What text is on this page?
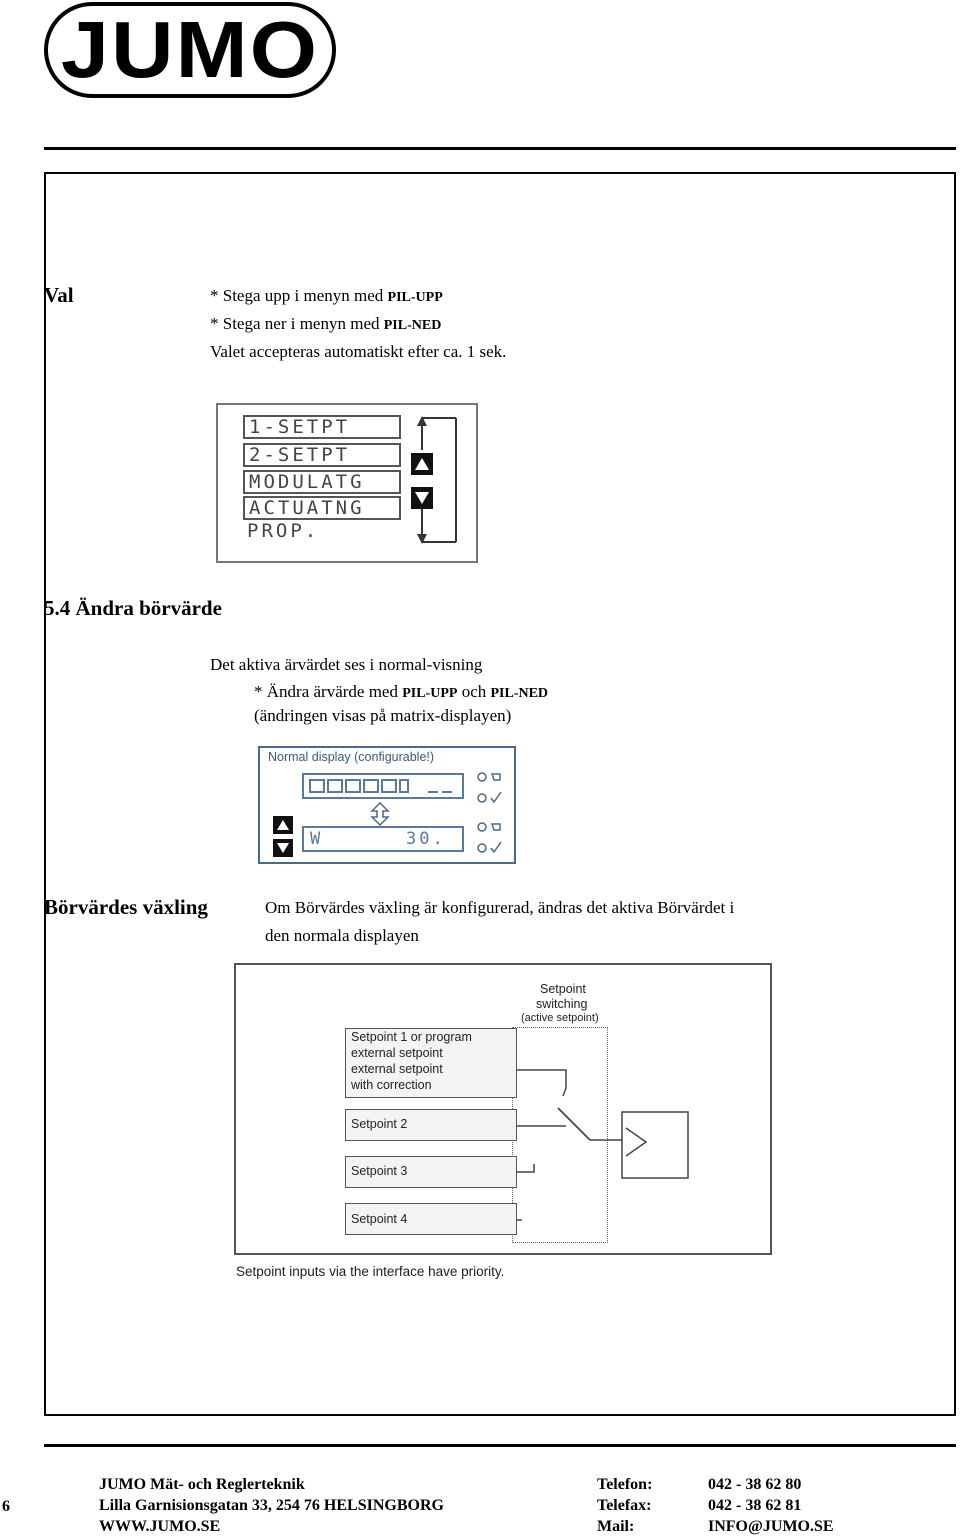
JUMO
Val	* Stega upp i menyn med PIL-UPP
* Stega ner i menyn med PIL-NED
Valet accepteras automatiskt efter ca. 1 sek.
1-SETPT
2-SETPT
MODULATG
ACTUATNG
PROP.
5.4 Ändra börvärde
Det aktiva ärvärdet ses i normal-visning
* Ändra ärvärde med PIL-UPP och PIL-NED
(ändringen visas på matrix-displayen)
Normal display (configurable!)
W	30.
Börvärdes växling	Om Börvärdes växling är konfigurerad, ändras det aktiva Börvärdet i
den normala displayen
Setpoint
switching
(active setpoint)
Setpoint 1 or program
external setpoint
external setpoint
with correction
Setpoint 2
Setpoint 3
Setpoint 4
Setpoint inputs via the interface have priority.
6
JUMO Mät- och Reglerteknik
Lilla Garnisionsgatan 33, 254 76 HELSINGBORG
WWW.JUMO.SE
Telefon:	042 - 38 62 80
Telefax:	042 - 38 62 81
Mail:	INFO@JUMO.SE
